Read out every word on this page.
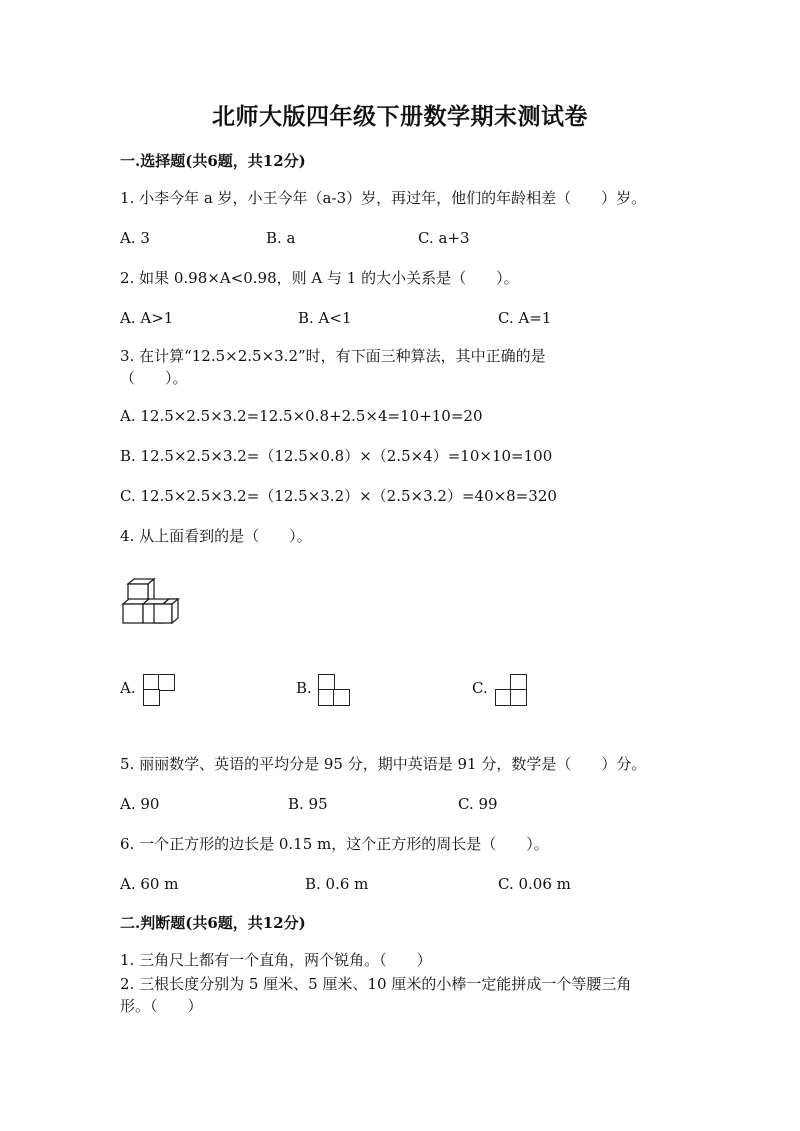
北师大版四年级下册数学期末测试卷
一.选择题(共6题，共12分)
1. 小李今年 a 岁，小王今年（a-3）岁，再过年，他们的年龄相差（　　）岁。
A. 3	B. a	C. a+3
2. 如果 0.98×A<0.98，则 A 与 1 的大小关系是（　　）。
A. A>1	B. A<1	C. A=1
3. 在计算“12.5×2.5×3.2”时，有下面三种算法，其中正确的是
（　　）。
A. 12.5×2.5×3.2=12.5×0.8+2.5×4=10+10=20
B. 12.5×2.5×3.2=（12.5×0.8）×（2.5×4）=10×10=100
C. 12.5×2.5×3.2=（12.5×3.2）×（2.5×3.2）=40×8=320
4. 从上面看到的是（　　）。
A.	B.	C.
5. 丽丽数学、英语的平均分是 95 分，期中英语是 91 分，数学是（　　）分。
A. 90	B. 95	C. 99
6. 一个正方形的边长是 0.15 m，这个正方形的周长是（　　）。
A. 60 m	B. 0.6 m	C. 0.06 m
二.判断题(共6题，共12分)
1. 三角尺上都有一个直角，两个锐角。（　　）
2. 三根长度分别为 5 厘米、5 厘米、10 厘米的小棒一定能拼成一个等腰三角
形。（　　）
